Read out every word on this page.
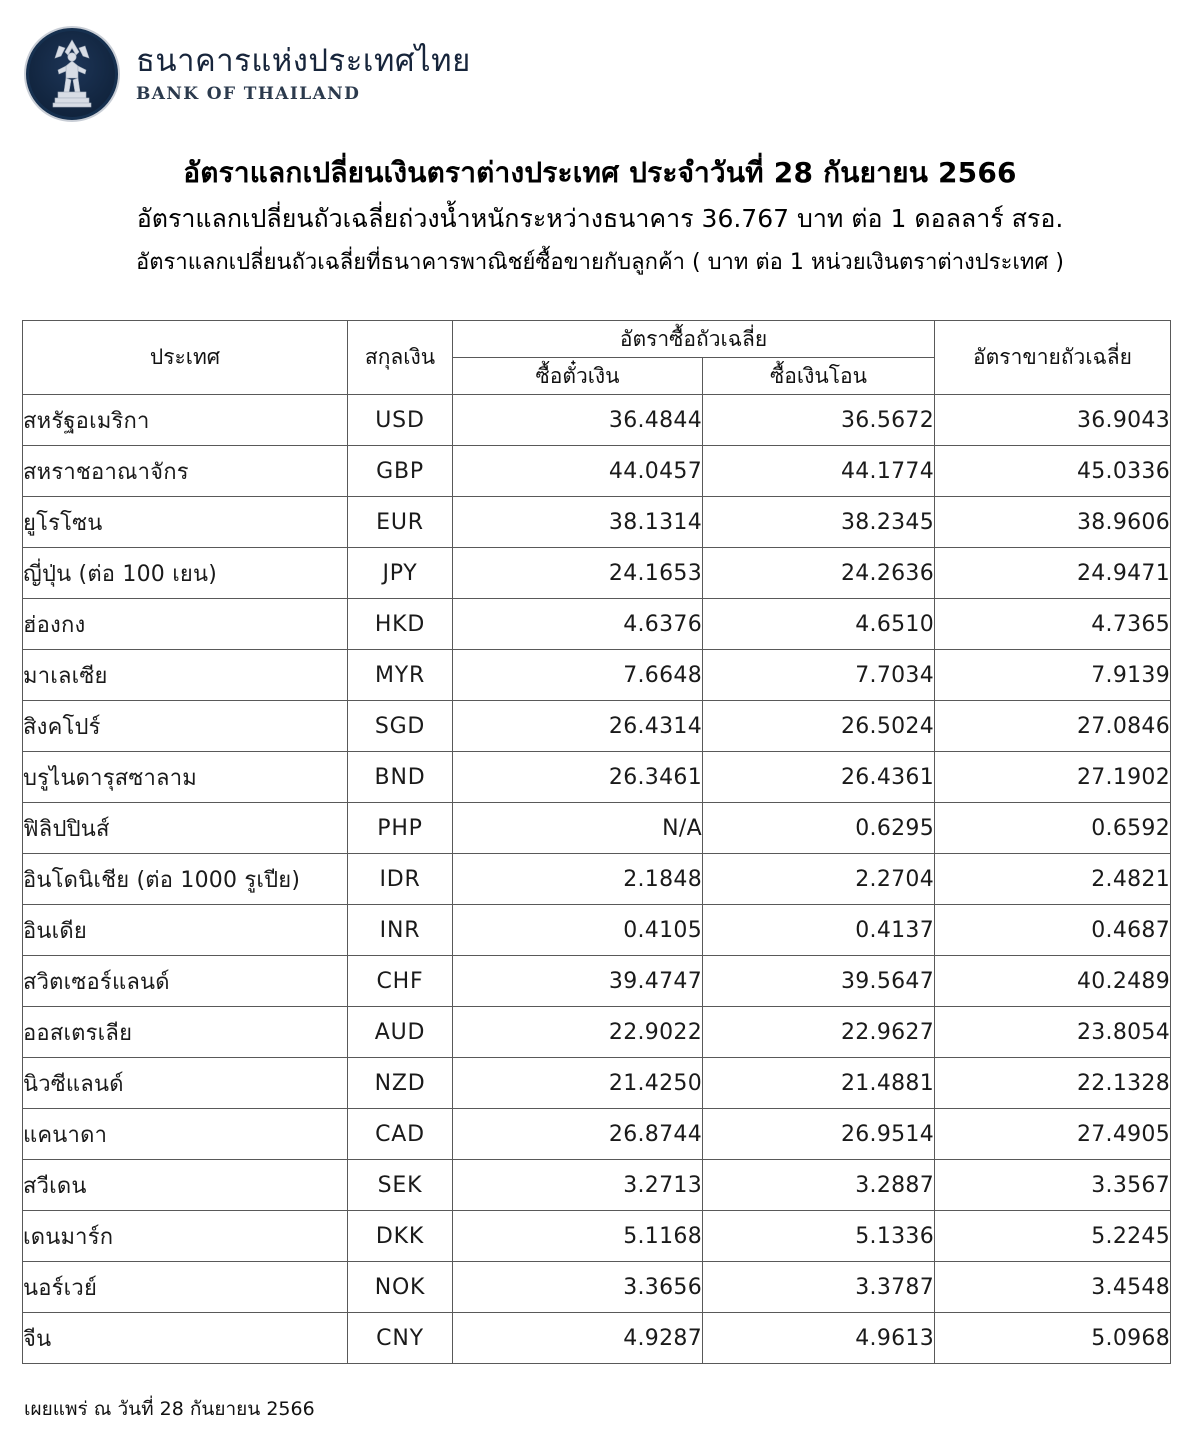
ธนาคารแห่งประเทศไทย
BANK OF THAILAND
อัตราแลกเปลี่ยนเงินตราต่างประเทศ ประจำวันที่ 28 กันยายน 2566
อัตราแลกเปลี่ยนถัวเฉลี่ยถ่วงน้ำหนักระหว่างธนาคาร 36.767 บาท ต่อ 1 ดอลลาร์ สรอ.
อัตราแลกเปลี่ยนถัวเฉลี่ยที่ธนาคารพาณิชย์ซื้อขายกับลูกค้า ( บาท ต่อ 1 หน่วยเงินตราต่างประเทศ )
ประเทศ	สกุลเงิน	อัตราซื้อถัวเฉลี่ย		อัตราขายถัวเฉลี่ย
		ซื้อตั๋วเงิน	ซื้อเงินโอน	
สหรัฐอเมริกา	USD	36.4844	36.5672	36.9043
สหราชอาณาจักร	GBP	44.0457	44.1774	45.0336
ยูโรโซน	EUR	38.1314	38.2345	38.9606
ญี่ปุ่น (ต่อ 100 เยน)	JPY	24.1653	24.2636	24.9471
ฮ่องกง	HKD	4.6376	4.6510	4.7365
มาเลเซีย	MYR	7.6648	7.7034	7.9139
สิงคโปร์	SGD	26.4314	26.5024	27.0846
บรูไนดารุสซาลาม	BND	26.3461	26.4361	27.1902
ฟิลิปปินส์	PHP	N/A	0.6295	0.6592
อินโดนิเชีย (ต่อ 1000 รูเปีย)	IDR	2.1848	2.2704	2.4821
อินเดีย	INR	0.4105	0.4137	0.4687
สวิตเซอร์แลนด์	CHF	39.4747	39.5647	40.2489
ออสเตรเลีย	AUD	22.9022	22.9627	23.8054
นิวซีแลนด์	NZD	21.4250	21.4881	22.1328
แคนาดา	CAD	26.8744	26.9514	27.4905
สวีเดน	SEK	3.2713	3.2887	3.3567
เดนมาร์ก	DKK	5.1168	5.1336	5.2245
นอร์เวย์	NOK	3.3656	3.3787	3.4548
จีน	CNY	4.9287	4.9613	5.0968
เผยแพร่ ณ วันที่ 28 กันยายน 2566
